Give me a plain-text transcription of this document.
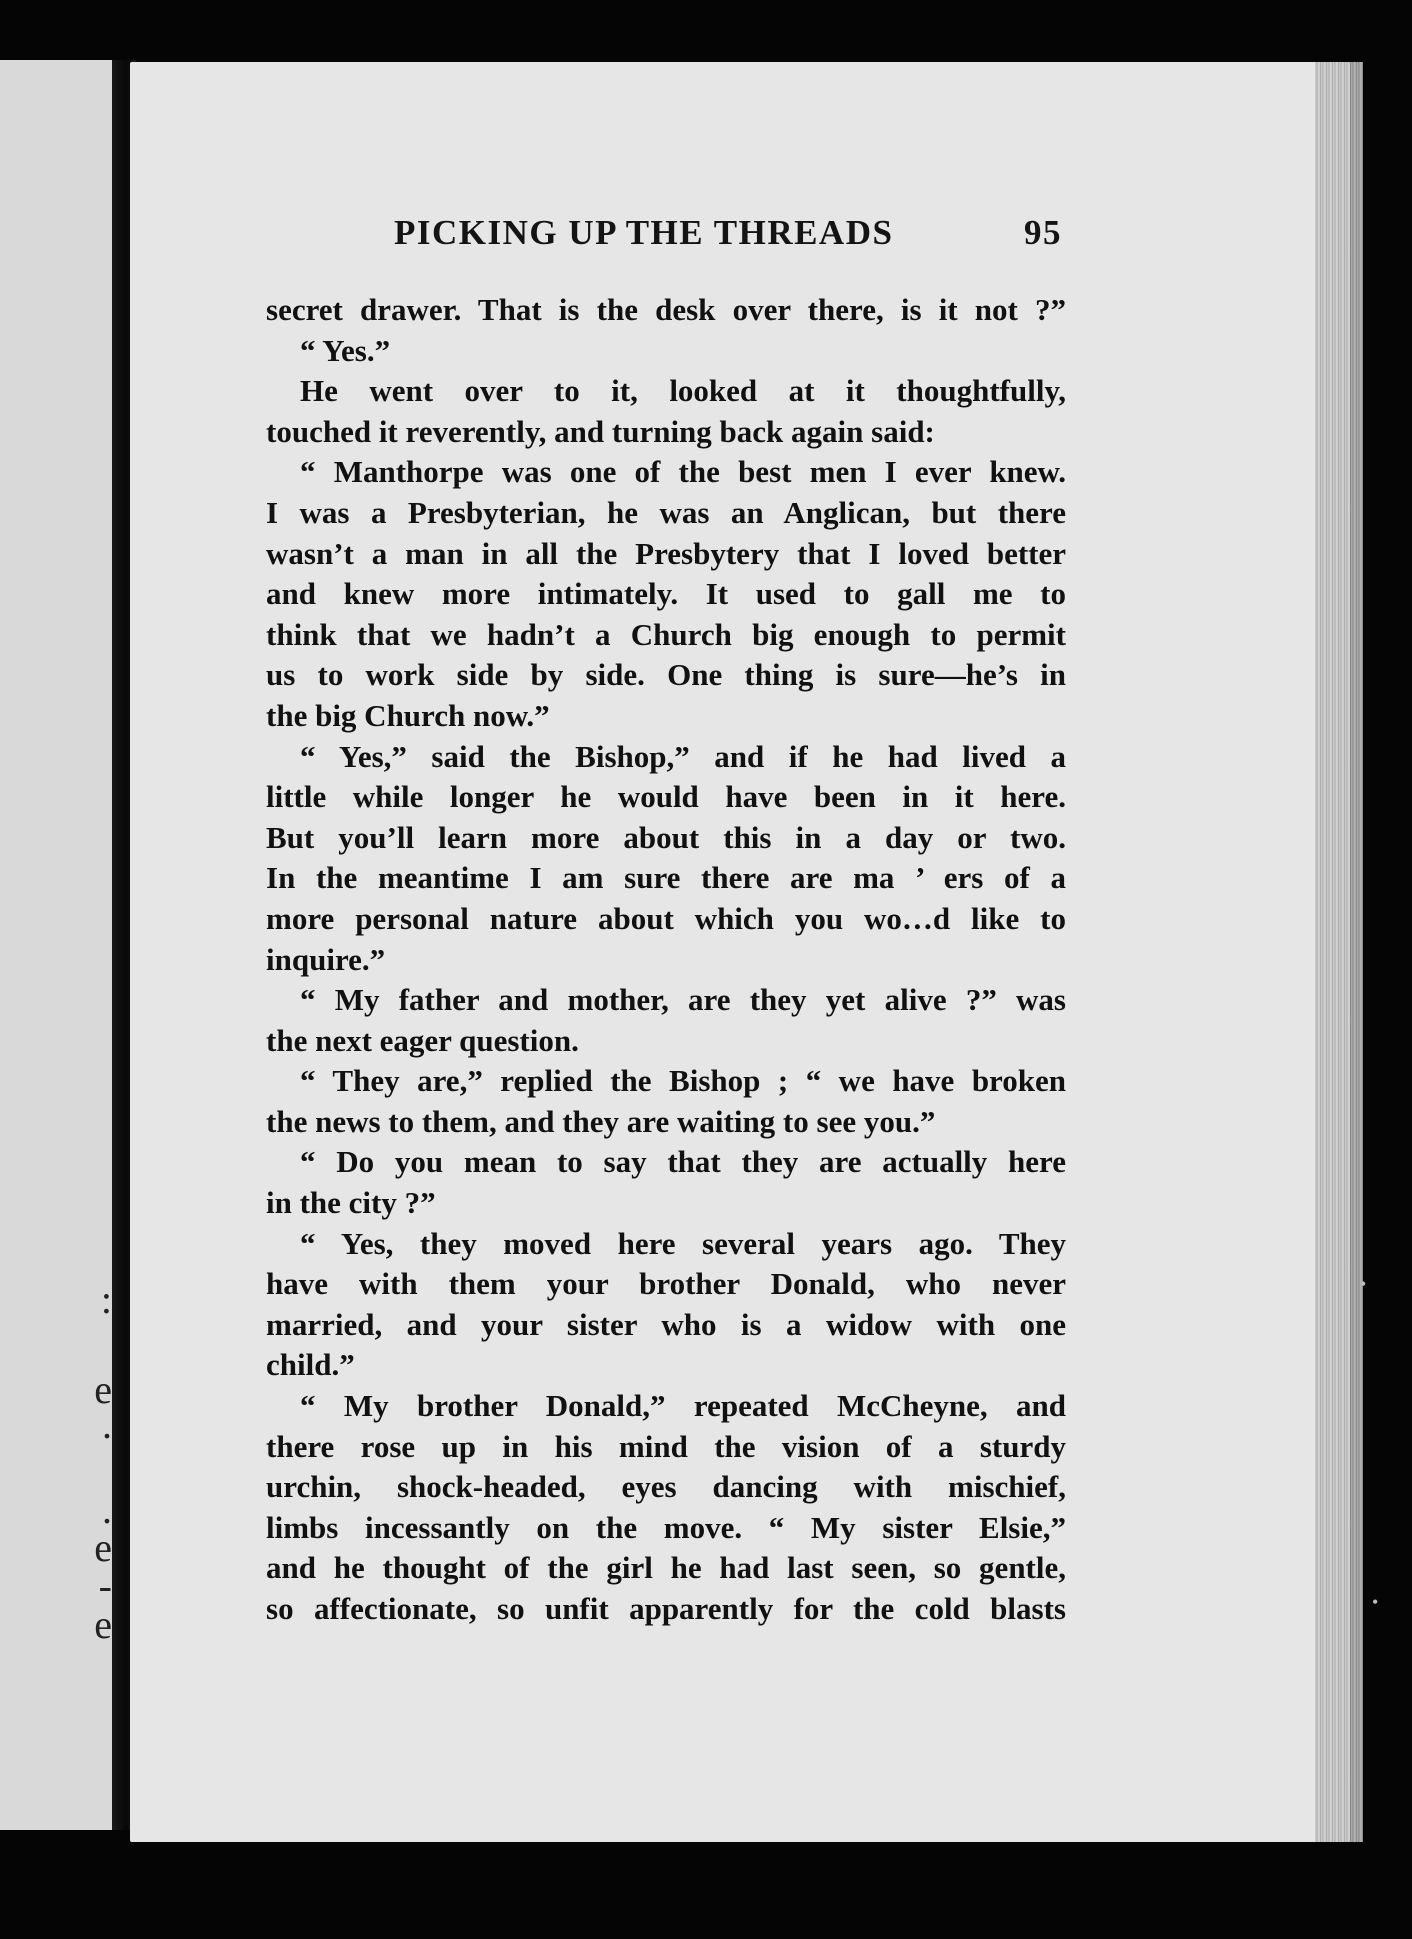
:
e
.
.
e
-
e
PICKING UP THE THREADS	95
secret drawer. That is the desk over there, is it not ?”
“ Yes.”
He went over to it, looked at it thoughtfully,
touched it reverently, and turning back again said:
“ Manthorpe was one of the best men I ever knew.
I was a Presbyterian, he was an Anglican, but there
wasn’t a man in all the Presbytery that I loved better
and knew more intimately. It used to gall me to
think that we hadn’t a Church big enough to permit
us to work side by side. One thing is sure—he’s in
the big Church now.”
“ Yes,” said the Bishop,” and if he had lived a
little while longer he would have been in it here.
But you’ll learn more about this in a day or two.
In the meantime I am sure there are ma ’ ers of a
more personal nature about which you wo…d like to
inquire.”
“ My father and mother, are they yet alive ?” was
the next eager question.
“ They are,” replied the Bishop ; “ we have broken
the news to them, and they are waiting to see you.”
“ Do you mean to say that they are actually here
in the city ?”
“ Yes, they moved here several years ago. They
have with them your brother Donald, who never
married, and your sister who is a widow with one
child.”
“ My brother Donald,” repeated McCheyne, and
there rose up in his mind the vision of a sturdy
urchin, shock-headed, eyes dancing with mischief,
limbs incessantly on the move. “ My sister Elsie,”
and he thought of the girl he had last seen, so gentle,
so affectionate, so unfit apparently for the cold blasts
•
•
